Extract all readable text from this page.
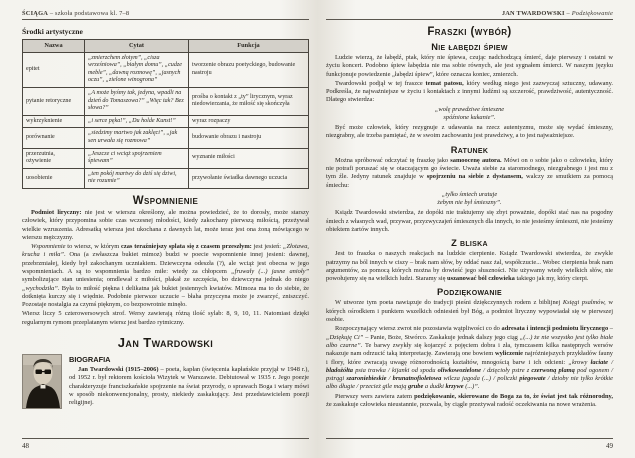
ŚCIĄGA – szkoła podstawowa kl. 7–8
Środki artystyczne
Nazwa	Cytat	Funkcja
epitet	„zmierzchem złotym”, „cisza wrześniowa”, „białym domu”, „cudze meble”, „dawną rozmowę”, „jasnych oczu”, „zielone winogrona”	tworzenie obrazu poetyckiego, budowanie nastroju
pytanie retoryczne	„A może byśmy tak, jedyna, wpadli na dzień do Tomaszowa?” „Więc tak? Bez słowa?”	prośba o kontakt z „ty” lirycznym, wyraz niedowierzania, że miłość się skończyła
wykrzyknienie	„i serce pęka!”, „Du holde Kunst!”	wyraz rozpaczy
porównanie	„siedzimy martwo jak zaklęci”, „jak sen urwała się rozmowa”	budowanie obrazu i nastroju
przerzutnia, ożywienie	„Jeszcze ci wciąż spojrzeniem śpiewam”	wyznanie miłości
uosobienie	„ten pokój martwy do dziś się dziwi, nie rozumie”	przywołanie świadka dawnego uczucia
Wspomnienie

Podmiot liryczny: nie jest w wierszu określony, ale można powiedzieć, że to dorosły, może starszy człowiek, który przypomina sobie czas wczesnej młodości, kiedy zakochany pierwszą miłością, przeżywał wielkie wzruszenia. Adresatką wiersza jest ukochana z dawnych lat, może teraz jest ona żoną mówiącego w wierszu mężczyzny.

Wspomnienie to wiersz, w którym czas teraźniejszy splata się z czasem przeszłym: jest jesień: „Złotawa, krucha i miła”. Ona (a zwłaszcza bukiet mimoz) budzi w poecie wspomnienie innej jesieni: dawnej, przebrzmiałej, kiedy był zakochanym uczniakiem. Dziewczyna odeszła (?), ale wciąż jest obecna w jego wspomnieniach. A są to wspomnienia bardzo miłe: wtedy za chłopcem „fruwały (...) jasne anioły” symbolizujące stan uniesienia; omdlewał z miłości, płakał ze szczęścia, bo dziewczyna jednak do niego „wychodziła”. Była to miłość piękna i delikatna jak bukiet jesiennych kwiatów. Mimoza ma to do siebie, że dotknięta kurczy się i więdnie. Podobnie pierwsze uczucie – błaha przyczyna może je zwarzyć, zniszczyć. Pozostaje nostalgia za czymś pięknym, co bezpowrotnie minęło.

Wiersz liczy 5 czterowersowych strof. Wersy zawierają różną ilość sylab: 8, 9, 10, 11. Natomiast dzięki regularnym rymom przeplatanym wiersz jest bardzo rytmiczny.

Jan Twardowski
BIOGRAFIA

Jan Twardowski (1915–2006) – poeta, kapłan (święcenia kapłańskie przyjął w 1948 r.), od 1952 r. był rektorem kościoła Wizytek w Warszawie. Debiutował w 1935 r. Jego poezje charakteryzuje franciszkańskie spojrzenie na świat przyrody, o sprawach Boga i wiary mówi w sposób niekonwencjonalny, prosty, niekiedy zaskakujący. Jest przedstawicielem poezji religijnej.

48
JAN TWARDOWSKI – Podziękowanie
Fraszki (wybór)
Nie łabędzi śpiew

Ludzie wierzą, że łabędź, ptak, który nie śpiewa, czując nadchodzącą śmierć, daje pierwszy i ostatni w życiu koncert. Podobno śpiew łabędzia nie ma sobie równych, ale jest sygnałem śmierci. W naszym języku funkcjonuje powiedzenie „łabędzi śpiew”, które oznacza koniec, zmierzch.

Twardowski podjął w tej fraszce temat patosu, który według niego jest zazwyczaj sztuczny, udawany. Podkreśla, że najważniejsze w życiu i kontaktach z innymi ludźmi są szczerość, prawdziwość, autentyczność. Dlatego stwierdza:

„wolę prawdziwe śmieszne
spóźnione kukanie”.

Być może człowiek, który rezygnuje z udawania na rzecz autentyzmu, może się wydać śmieszny, niezgrabny, ale trzeba pamiętać, że w swoim zachowaniu jest prawdziwy, a to jest najważniejsze.

Ratunek

Można spróbować odczytać tę fraszkę jako samoocenę autora. Mówi on o sobie jako o człowieku, który nie potrafi poruszać się w otaczającym go świecie. Uważa siebie za staromodnego, niezgrabnego i jest mu z tym źle. Jedyny ratunek znajduje w spojrzeniu na siebie z dystansem, walczy ze smutkiem za pomocą śmiechu:

„tylko śmiech uratuje
żebym nie był śmieszny”.

Ksiądz Twardowski stwierdza, że dopóki nie traktujemy się zbyt poważnie, dopóki stać nas na pogodny śmiech z własnych wad, przywar, przyzwyczajeń śmiesznych dla innych, to nie jesteśmy śmieszni, nie jesteśmy obiektem żartów innych.

Z bliska

Jest to fraszka o naszych reakcjach na ludzkie cierpienie. Ksiądz Twardowski stwierdza, że zwykle patrzymy na ból innych w ciszy – brak nam słów, by oddać nasz żal, współczucie... Wobec cierpienia brak nam argumentów, za pomocą których można by dowieść jego słuszności. Nie używamy wtedy wielkich słów, nie powołujemy się na wielkich ludzi. Staramy się uszanować ból człowieka takiego jak my, który cierpi.

Podziękowanie

W utworze tym poeta nawiązuje do tradycji pieśni dziękczynnych rodem z biblijnej Księgi psalmów, w których ośrodkiem i punktem wszelkich odniesień był Bóg, a podmiot liryczny wypowiadał się w pierwszej osobie.

Rozpoczynający wiersz zwrot nie pozostawia wątpliwości co do adresata i intencji podmiotu lirycznego – „Dziękuję Ci” – Panie, Boże, Stwórco. Zaskakuje jednak dalszy jego ciąg „(...) że nie wszystko jest tylko białe albo czarne”. Te barwy zwykły się kojarzyć z pojęciem dobra i zła, tymczasem kilka następnych wersów nakazuje nam odrzucić taką interpretację. Zawierają one bowiem wyliczenie najróżniejszych przykładów fauny i flory, które zwracają uwagę różnorodnością kształtów, mnogością barw i ich odcieni: „krowy łaciate / bladożółta psia trawka / kijanki od spodu oliwkowozielone / dzięcioły pstre z czerwoną plamą pod ogonem / pstrągi szaroniebieskie / brunatnofioletowa wilcza jagoda (...) / policzki piegowate / dzioby nie tylko krótkie albo długie / przecież gile mają grube a dudki krzywe (...)”.

Pierwszy wers zawiera zatem podziękowanie, skierowane do Boga za to, że świat jest tak różnorodny, że zaskakuje człowieka nieustannie, pozwala, by ciągle przeżywał radość oczekiwania na nowe wrażenia.

49
